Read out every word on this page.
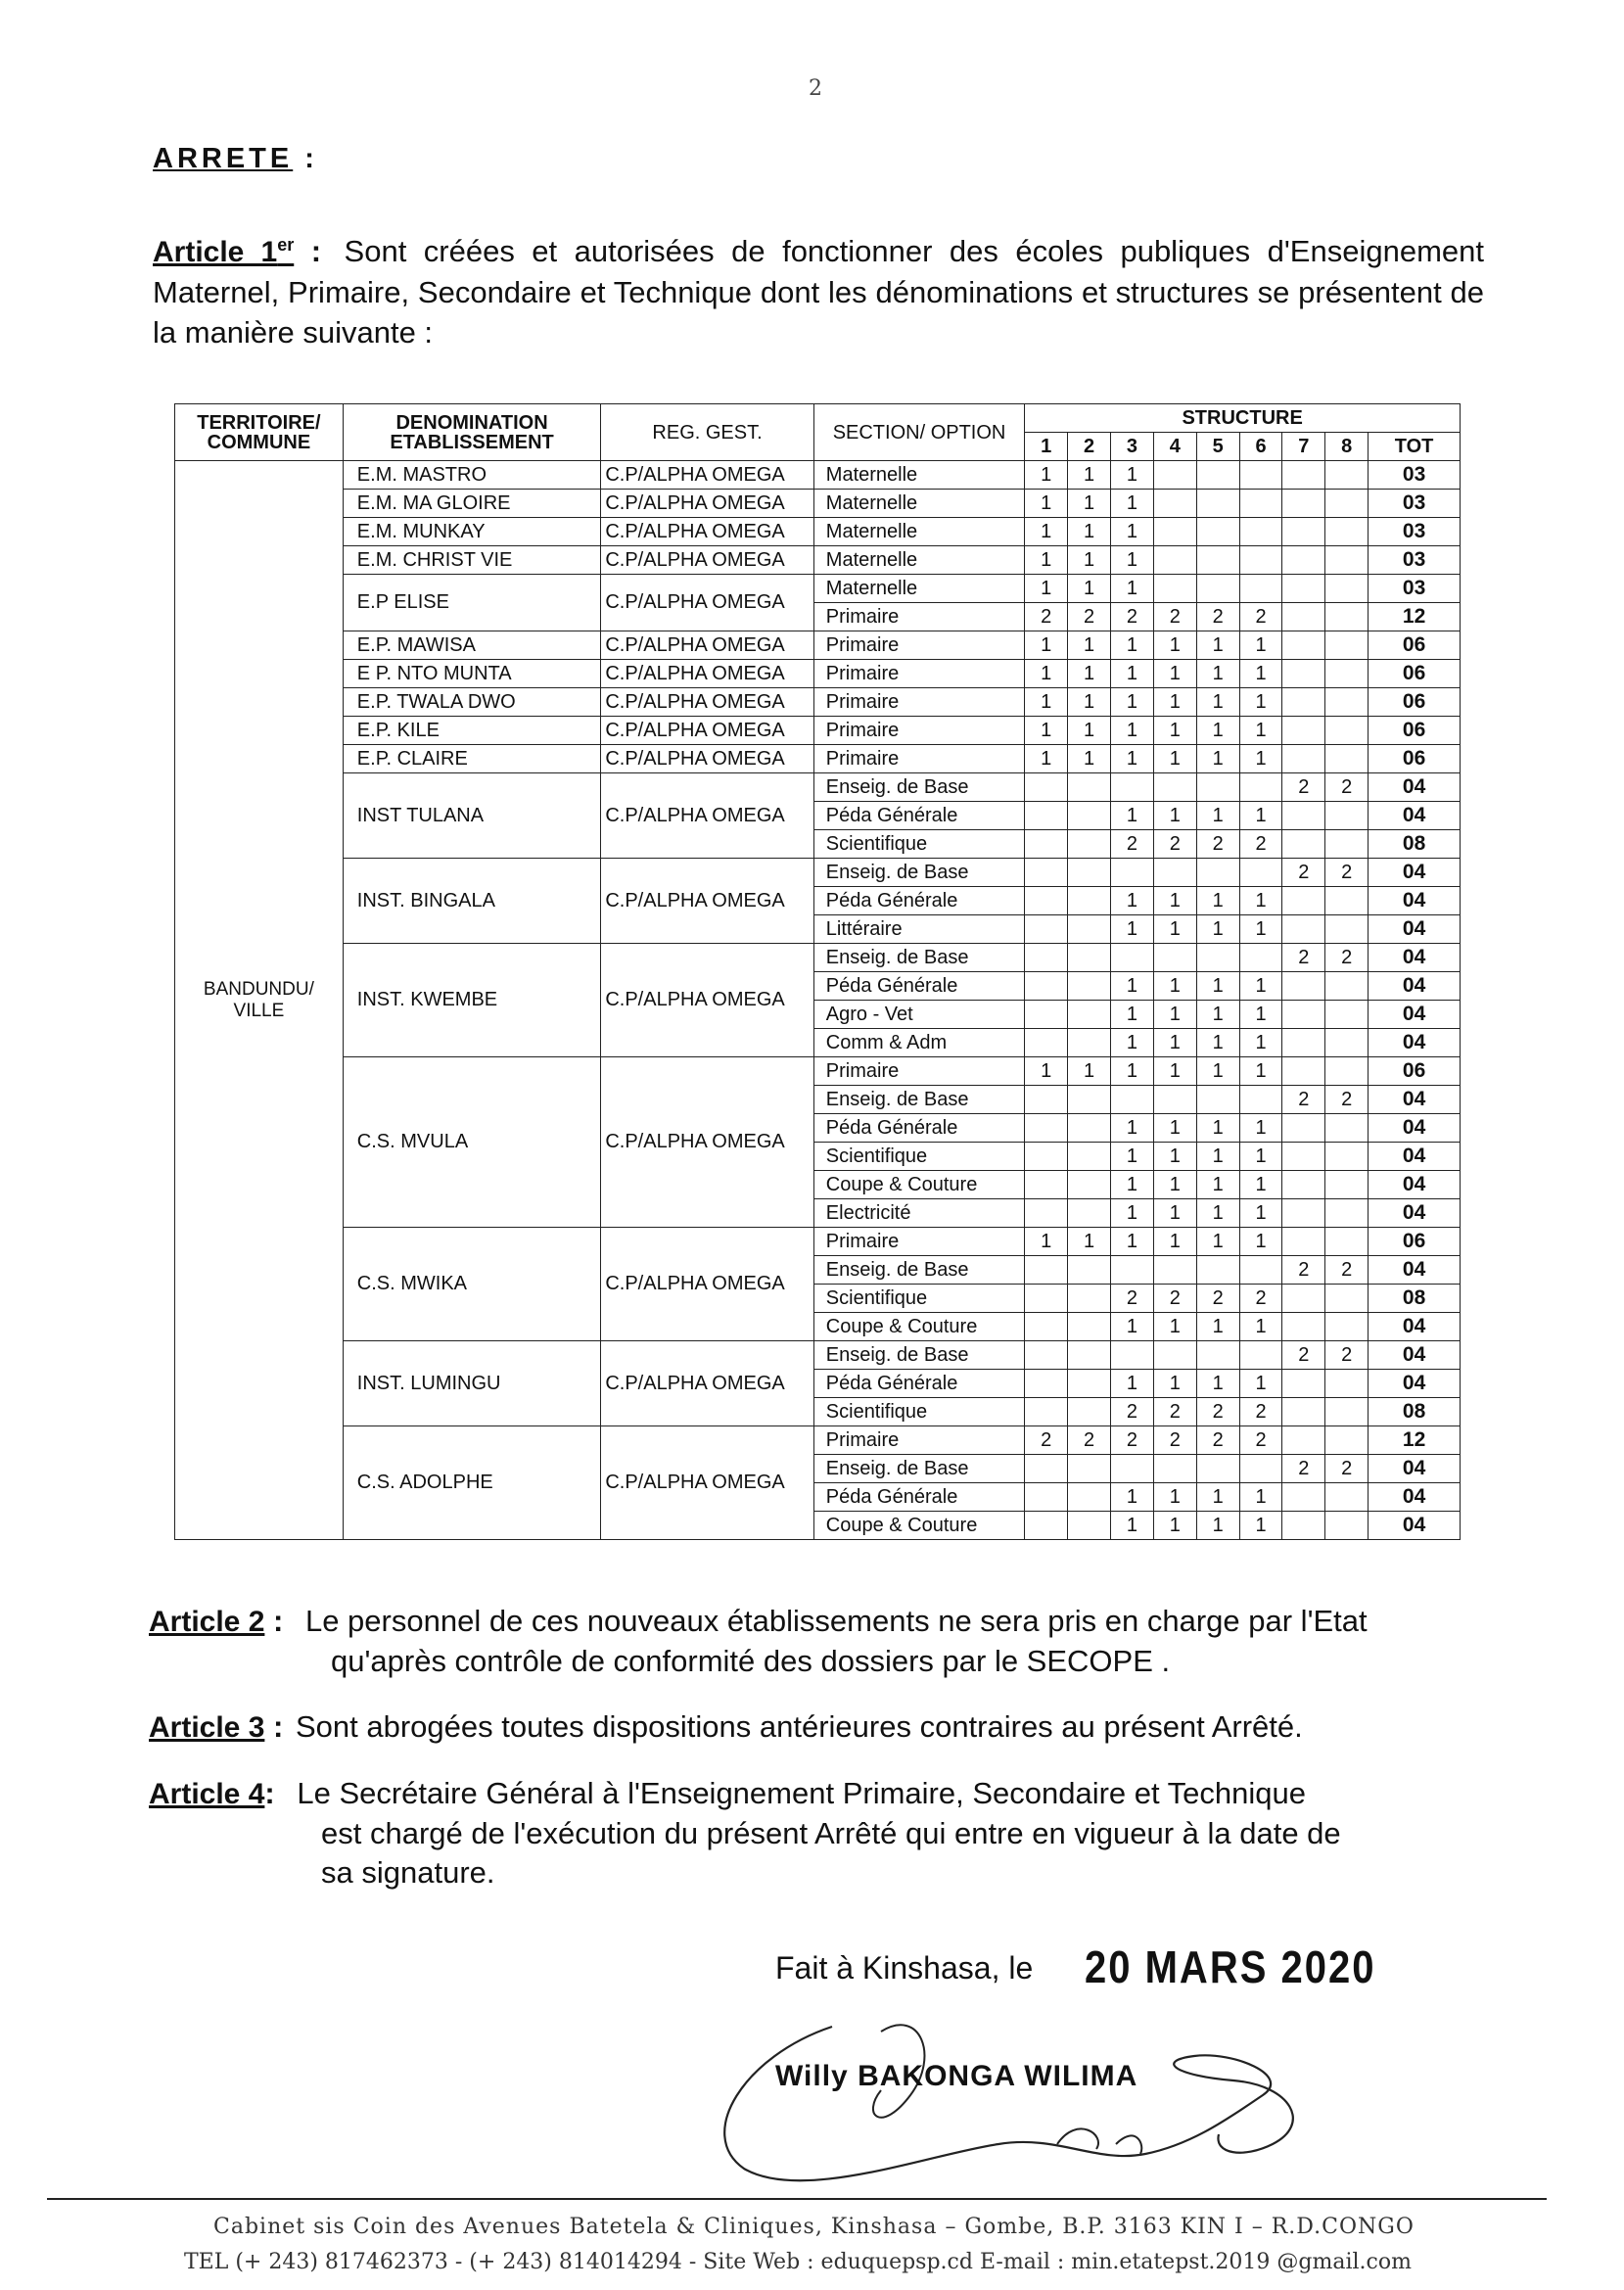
2
ARRETE :
Article 1er : Sont créées et autorisées de fonctionner des écoles publiques d'Enseignement Maternel, Primaire, Secondaire et Technique dont les dénominations et structures se présentent de la manière suivante :
TERRITOIRE/ COMMUNE	DENOMINATION ETABLISSEMENT	REG. GEST.	SECTION/ OPTION	STRUCTURE								
				1	2	3	4	5	6	7	8	TOT
BANDUNDU/ VILLE	E.M. MASTRO	C.P/ALPHA OMEGA	Maternelle	1	1	1						03
	E.M. MA GLOIRE	C.P/ALPHA OMEGA	Maternelle	1	1	1						03
	E.M. MUNKAY	C.P/ALPHA OMEGA	Maternelle	1	1	1						03
	E.M. CHRIST VIE	C.P/ALPHA OMEGA	Maternelle	1	1	1						03
	E.P ELISE	C.P/ALPHA OMEGA	Maternelle	1	1	1						03
			Primaire	2	2	2	2	2	2			12
	E.P. MAWISA	C.P/ALPHA OMEGA	Primaire	1	1	1	1	1	1			06
	E P. NTO MUNTA	C.P/ALPHA OMEGA	Primaire	1	1	1	1	1	1			06
	E.P. TWALA DWO	C.P/ALPHA OMEGA	Primaire	1	1	1	1	1	1			06
	E.P. KILE	C.P/ALPHA OMEGA	Primaire	1	1	1	1	1	1			06
	E.P. CLAIRE	C.P/ALPHA OMEGA	Primaire	1	1	1	1	1	1			06
	INST TULANA	C.P/ALPHA OMEGA	Enseig. de Base							2	2	04
			Péda Générale			1	1	1	1			04
			Scientifique			2	2	2	2			08
	INST. BINGALA	C.P/ALPHA OMEGA	Enseig. de Base							2	2	04
			Péda Générale			1	1	1	1			04
			Littéraire			1	1	1	1			04
	INST. KWEMBE	C.P/ALPHA OMEGA	Enseig. de Base							2	2	04
			Péda Générale			1	1	1	1			04
			Agro - Vet			1	1	1	1			04
			Comm & Adm			1	1	1	1			04
	C.S. MVULA	C.P/ALPHA OMEGA	Primaire	1	1	1	1	1	1			06
			Enseig. de Base							2	2	04
			Péda Générale			1	1	1	1			04
			Scientifique			1	1	1	1			04
			Coupe & Couture			1	1	1	1			04
			Electricité			1	1	1	1			04
	C.S. MWIKA	C.P/ALPHA OMEGA	Primaire	1	1	1	1	1	1			06
			Enseig. de Base							2	2	04
			Scientifique			2	2	2	2			08
			Coupe & Couture			1	1	1	1			04
	INST. LUMINGU	C.P/ALPHA OMEGA	Enseig. de Base							2	2	04
			Péda Générale			1	1	1	1			04
			Scientifique			2	2	2	2			08
	C.S. ADOLPHE	C.P/ALPHA OMEGA	Primaire	2	2	2	2	2	2			12
			Enseig. de Base							2	2	04
			Péda Générale			1	1	1	1			04
			Coupe & Couture			1	1	1	1			04
Article 2 : Le personnel de ces nouveaux établissements ne sera pris en charge par l'Etat
qu'après contrôle de conformité des dossiers par le SECOPE .
Article 3 : Sont abrogées toutes dispositions antérieures contraires au présent Arrêté.
Article 4: Le Secrétaire Général à l'Enseignement Primaire, Secondaire et Technique
est chargé de l'exécution du présent Arrêté qui entre en vigueur à la date de
sa signature.
Fait à Kinshasa, le 20 MARS 2020
Willy BAKONGA WILIMA
Cabinet sis Coin des Avenues Batetela & Cliniques, Kinshasa – Gombe, B.P. 3163 KIN I – R.D.CONGO
TEL (+ 243) 817462373 - (+ 243) 814014294 - Site Web : eduquepsp.cd E-mail : min.etatepst.2019 @gmail.com
